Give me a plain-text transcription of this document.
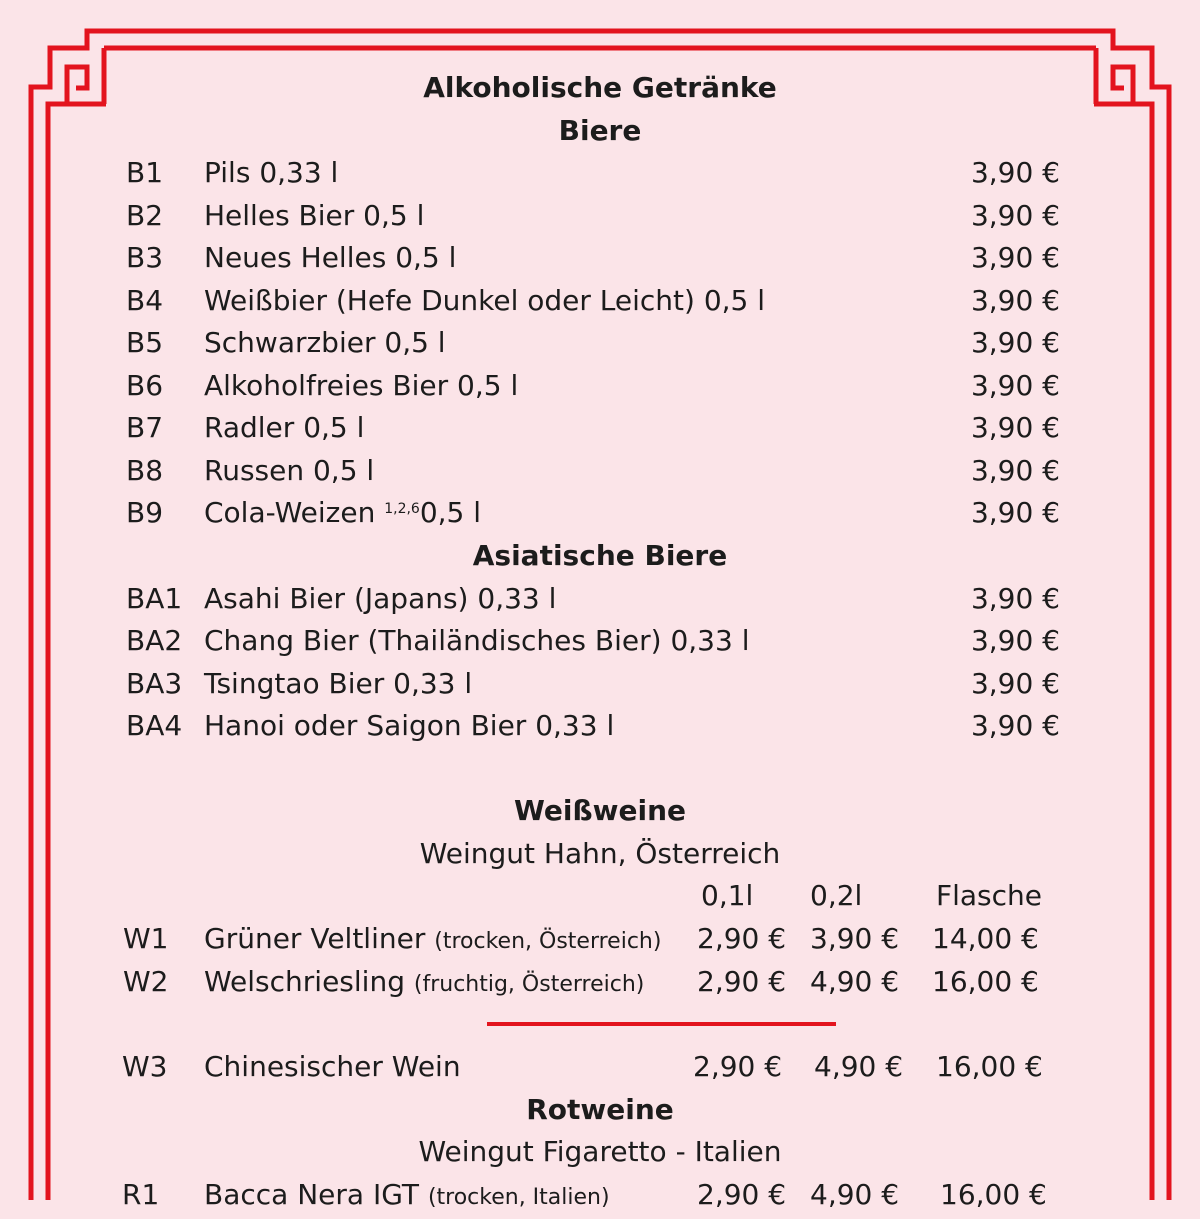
Alkoholische Getränke
Biere
B1 Pils 0,33 l	3,90 €
B2 Helles Bier 0,5 l	3,90 €
B3 Neues Helles 0,5 l	3,90 €
B4 Weißbier (Hefe Dunkel oder Leicht) 0,5 l	3,90 €
B5 Schwarzbier 0,5 l	3,90 €
B6 Alkoholfreies Bier 0,5 l	3,90 €
B7 Radler 0,5 l	3,90 €
B8 Russen 0,5 l	3,90 €
B9 Cola-Weizen $^{1,2,6}$0,5 l	3,90 €
Asiatische Biere
BA1 Asahi Bier (Japans) 0,33 l	3,90 €
BA2 Chang Bier (Thailändisches Bier) 0,33 l	3,90 €
BA3 Tsingtao Bier 0,33 l	3,90 €
BA4 Hanoi oder Saigon Bier 0,33 l	3,90 €
Weißweine
Weingut Hahn, Österreich
0,1l 0,2l	Flasche
W1 Grüner Veltliner (trocken, Österreich) 2,90 € 3,90 € 14,00 €
W2 Welschriesling (fruchtig, Österreich) 2,90 € 4,90 € 16,00 €
W3 Chinesischer Wein	2,90 € 4,90 € 16,00 €
Rotweine
Weingut Figaretto - Italien
R1 Bacca Nera IGT (trocken, Italien)	2,90 € 4,90 € 16,00 €
